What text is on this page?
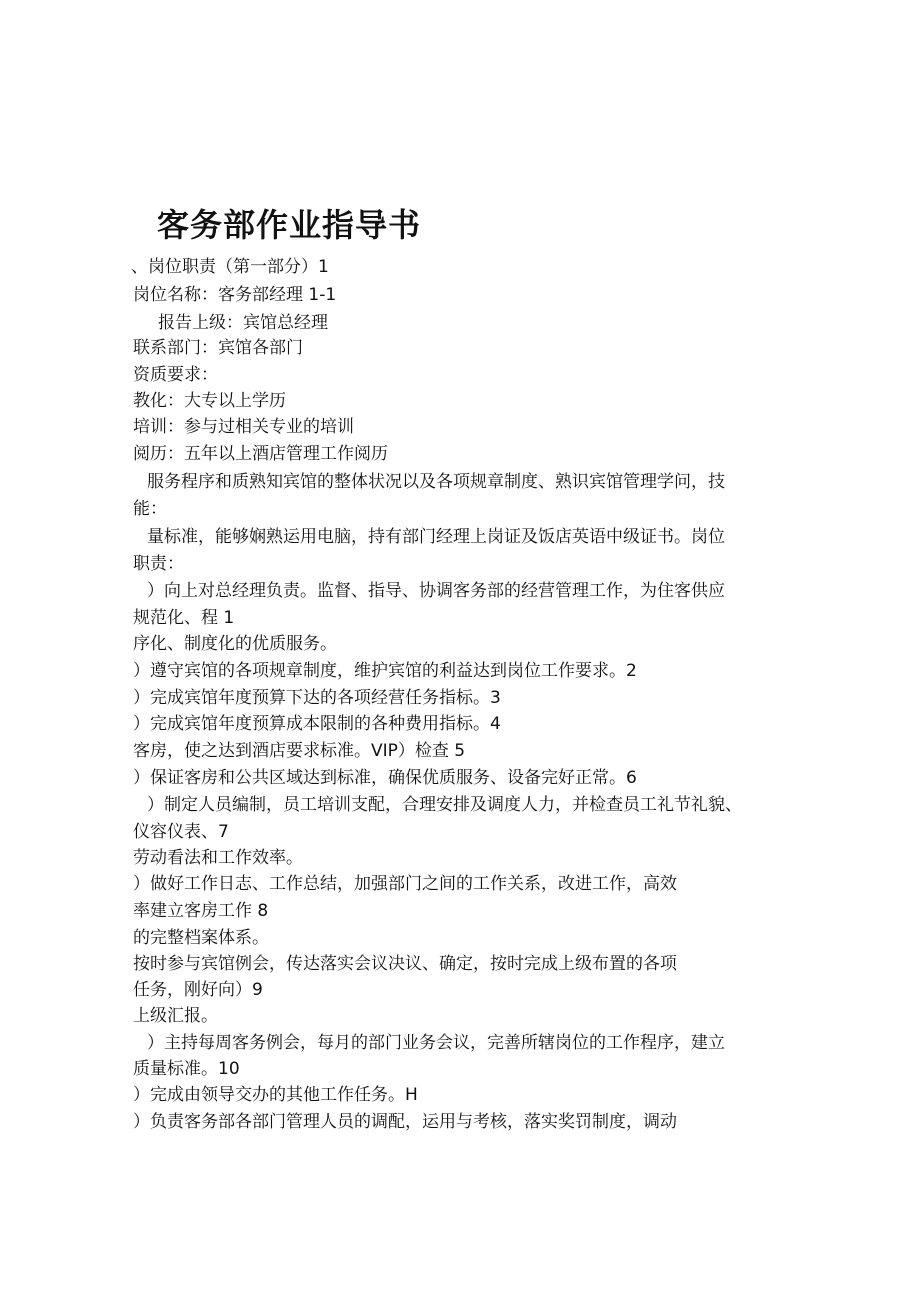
客务部作业指导书
、岗位职责（第一部分）1
岗位名称：客务部经理 1-1
报告上级：宾馆总经理
联系部门：宾馆各部门
资质要求：
教化：大专以上学历
培训：参与过相关专业的培训
阅历：五年以上酒店管理工作阅历
服务程序和质熟知宾馆的整体状况以及各项规章制度、熟识宾馆管理学问，技
能：
量标准，能够娴熟运用电脑，持有部门经理上岗证及饭店英语中级证书。岗位
职责：
）向上对总经理负责。监督、指导、协调客务部的经营管理工作，为住客供应
规范化、程 1
序化、制度化的优质服务。
）遵守宾馆的各项规章制度，维护宾馆的利益达到岗位工作要求。2
）完成宾馆年度预算下达的各项经营任务指标。3
）完成宾馆年度预算成本限制的各种费用指标。4
客房，使之达到酒店要求标准。VIP）检查 5
）保证客房和公共区域达到标准，确保优质服务、设备完好正常。6
）制定人员编制，员工培训支配，合理安排及调度人力，并检查员工礼节礼貌、
仪容仪表、7
劳动看法和工作效率。
）做好工作日志、工作总结，加强部门之间的工作关系，改进工作，高效
率建立客房工作 8
的完整档案体系。
按时参与宾馆例会，传达落实会议决议、确定，按时完成上级布置的各项
任务，刚好向）9
上级汇报。
）主持每周客务例会，每月的部门业务会议，完善所辖岗位的工作程序，建立
质量标准。10
）完成由领导交办的其他工作任务。H
）负责客务部各部门管理人员的调配，运用与考核，落实奖罚制度，调动
